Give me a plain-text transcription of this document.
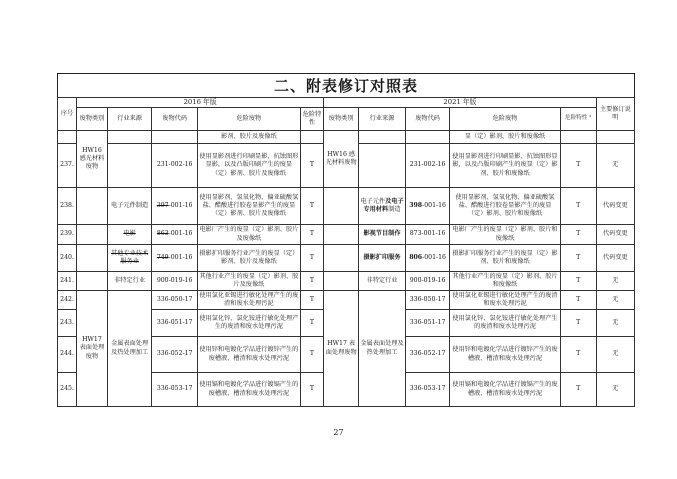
二、附表修订对照表
序号	2016 年版					2021 年版					主要修订说明
	废物类别	行业来源	废物代码	危险废物	危险特性	废物类别	行业来源	废物代码	危险废物	危险特性 ¹	
	HW16 感光材料废物			影剂、胶片及废像纸		HW16 感光材料废物			显（定）影剂、胶片和废像纸		
237.			231-002-16	使用显影剂进行印刷显影、抗蚀图形显影，以及凸版印刷产生的废显（定）影剂、胶片及废像纸	T			231-002-16	使用显影剂进行印刷显影、抗蚀图形显影，以及凸版印刷产生的废显（定）影剂、胶片和废像纸	T	无
238.		电子元件制造	397-001-16	使用显影剂、氢氧化物、偏亚硫酸氢盐、醋酸进行胶卷显影产生的废显（定）影剂、胶片及废像纸	T		电子元件及电子专用材料制造	398-001-16	使用显影剂、氢氧化物、偏亚硫酸氢盐、醋酸进行胶卷显影产生的废显（定）影剂、胶片和废像纸	T	代码变更
239.		电影	863-001-16	电影厂产生的废显（定）影剂、胶片及废像纸	T		影视节目制作	873-001-16	电影厂产生的废显（定）影剂、胶片和废像纸	T	代码变更
240.		其他专业技术服务业	749-001-16	摄影扩印服务行业产生的废显（定）影剂、胶片及废像纸	T		摄影扩印服务	806-001-16	摄影扩印服务行业产生的废显（定）影剂、胶片和废像纸	T	代码变更
241.		非特定行业	900-019-16	其他行业产生的废显（定）影剂、胶片及废像纸	T		非特定行业	900-019-16	其他行业产生的废显（定）影剂、胶片和废像纸	T	无
242.	HW17 表面处理废物	金属表面处理及热处理加工	336-050-17	使用氯化亚锡进行敏化处理产生的废渣和废水处理污泥	T	HW17 表面处理废物	金属表面处理及热处理加工	336-050-17	使用氯化亚锡进行敏化处理产生的废渣和废水处理污泥	T	无
243.			336-051-17	使用氯化锌、氯化铵进行敏化处理产生的废渣和废水处理污泥	T			336-051-17	使用氯化锌、氯化铵进行敏化处理产生的废渣和废水处理污泥	T	无
244.			336-052-17	使用锌和电镀化学品进行镀锌产生的废槽液、槽渣和废水处理污泥	T			336-052-17	使用锌和电镀化学品进行镀锌产生的废槽液、槽渣和废水处理污泥	T	无
245.			336-053-17	使用镉和电镀化学品进行镀镉产生的废槽液、槽渣和废水处理污泥	T			336-053-17	使用镉和电镀化学品进行镀镉产生的废槽液、槽渣和废水处理污泥	T	无
27
